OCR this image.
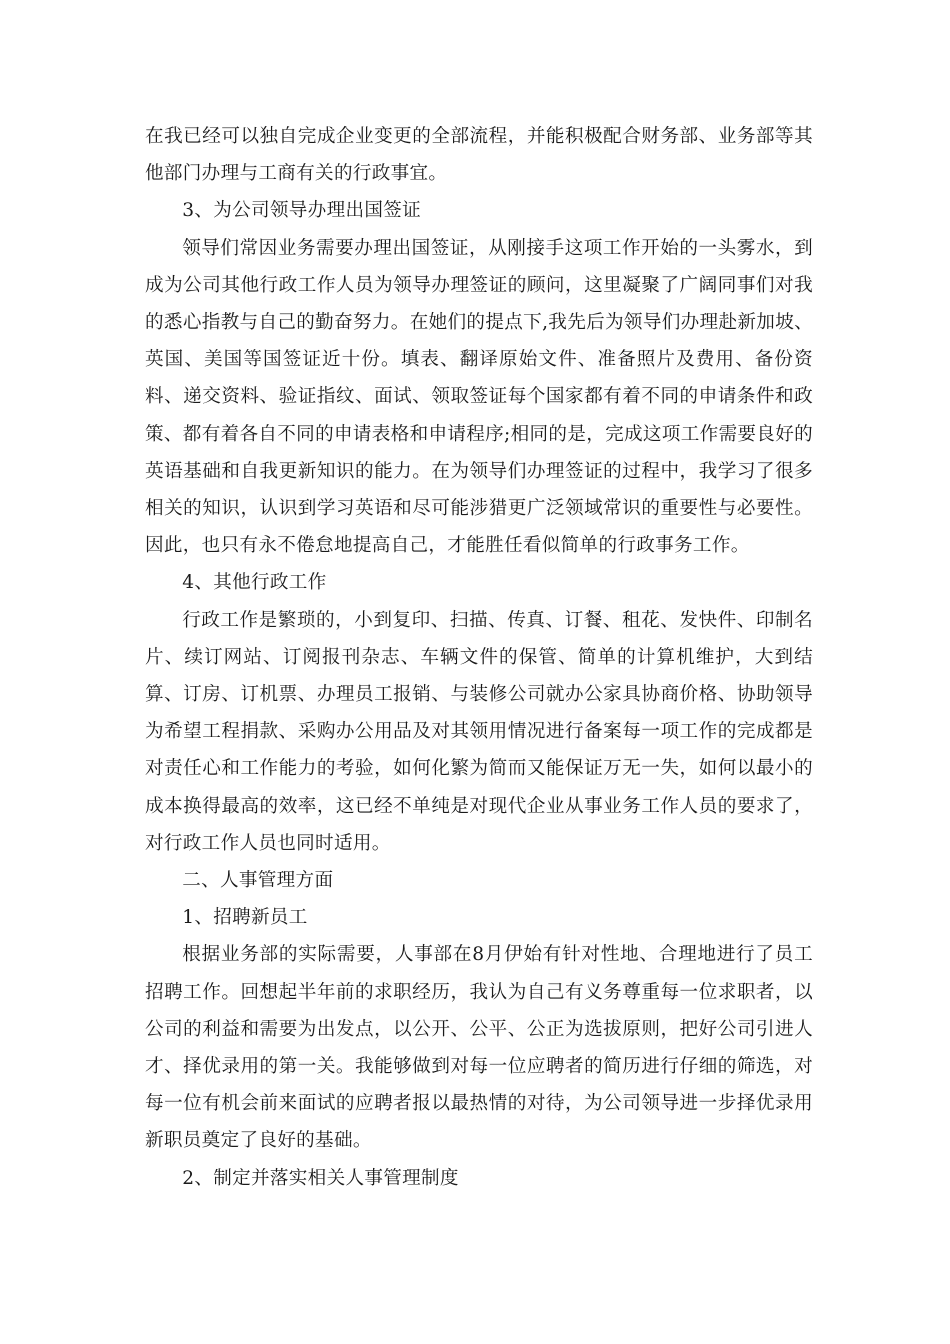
在我已经可以独自完成企业变更的全部流程，并能积极配合财务部、业务部等其他部门办理与工商有关的行政事宜。

3、为公司领导办理出国签证

领导们常因业务需要办理出国签证，从刚接手这项工作开始的一头雾水，到成为公司其他行政工作人员为领导办理签证的顾问，这里凝聚了广阔同事们对我的悉心指教与自己的勤奋努力。在她们的提点下,我先后为领导们办理赴新加坡、英国、美国等国签证近十份。填表、翻译原始文件、准备照片及费用、备份资料、递交资料、验证指纹、面试、领取签证每个国家都有着不同的申请条件和政策、都有着各自不同的申请表格和申请程序;相同的是，完成这项工作需要良好的英语基础和自我更新知识的能力。在为领导们办理签证的过程中，我学习了很多相关的知识，认识到学习英语和尽可能涉猎更广泛领域常识的重要性与必要性。因此，也只有永不倦怠地提高自己，才能胜任看似简单的行政事务工作。

4、其他行政工作

行政工作是繁琐的，小到复印、扫描、传真、订餐、租花、发快件、印制名片、续订网站、订阅报刊杂志、车辆文件的保管、简单的计算机维护，大到结算、订房、订机票、办理员工报销、与装修公司就办公家具协商价格、协助领导为希望工程捐款、采购办公用品及对其领用情况进行备案每一项工作的完成都是对责任心和工作能力的考验，如何化繁为简而又能保证万无一失，如何以最小的成本换得最高的效率，这已经不单纯是对现代企业从事业务工作人员的要求了，对行政工作人员也同时适用。

二、人事管理方面

1、招聘新员工

根据业务部的实际需要，人事部在8月伊始有针对性地、合理地进行了员工招聘工作。回想起半年前的求职经历，我认为自己有义务尊重每一位求职者，以公司的利益和需要为出发点，以公开、公平、公正为选拔原则，把好公司引进人才、择优录用的第一关。我能够做到对每一位应聘者的简历进行仔细的筛选，对每一位有机会前来面试的应聘者报以最热情的对待，为公司领导进一步择优录用新职员奠定了良好的基础。

2、制定并落实相关人事管理制度
